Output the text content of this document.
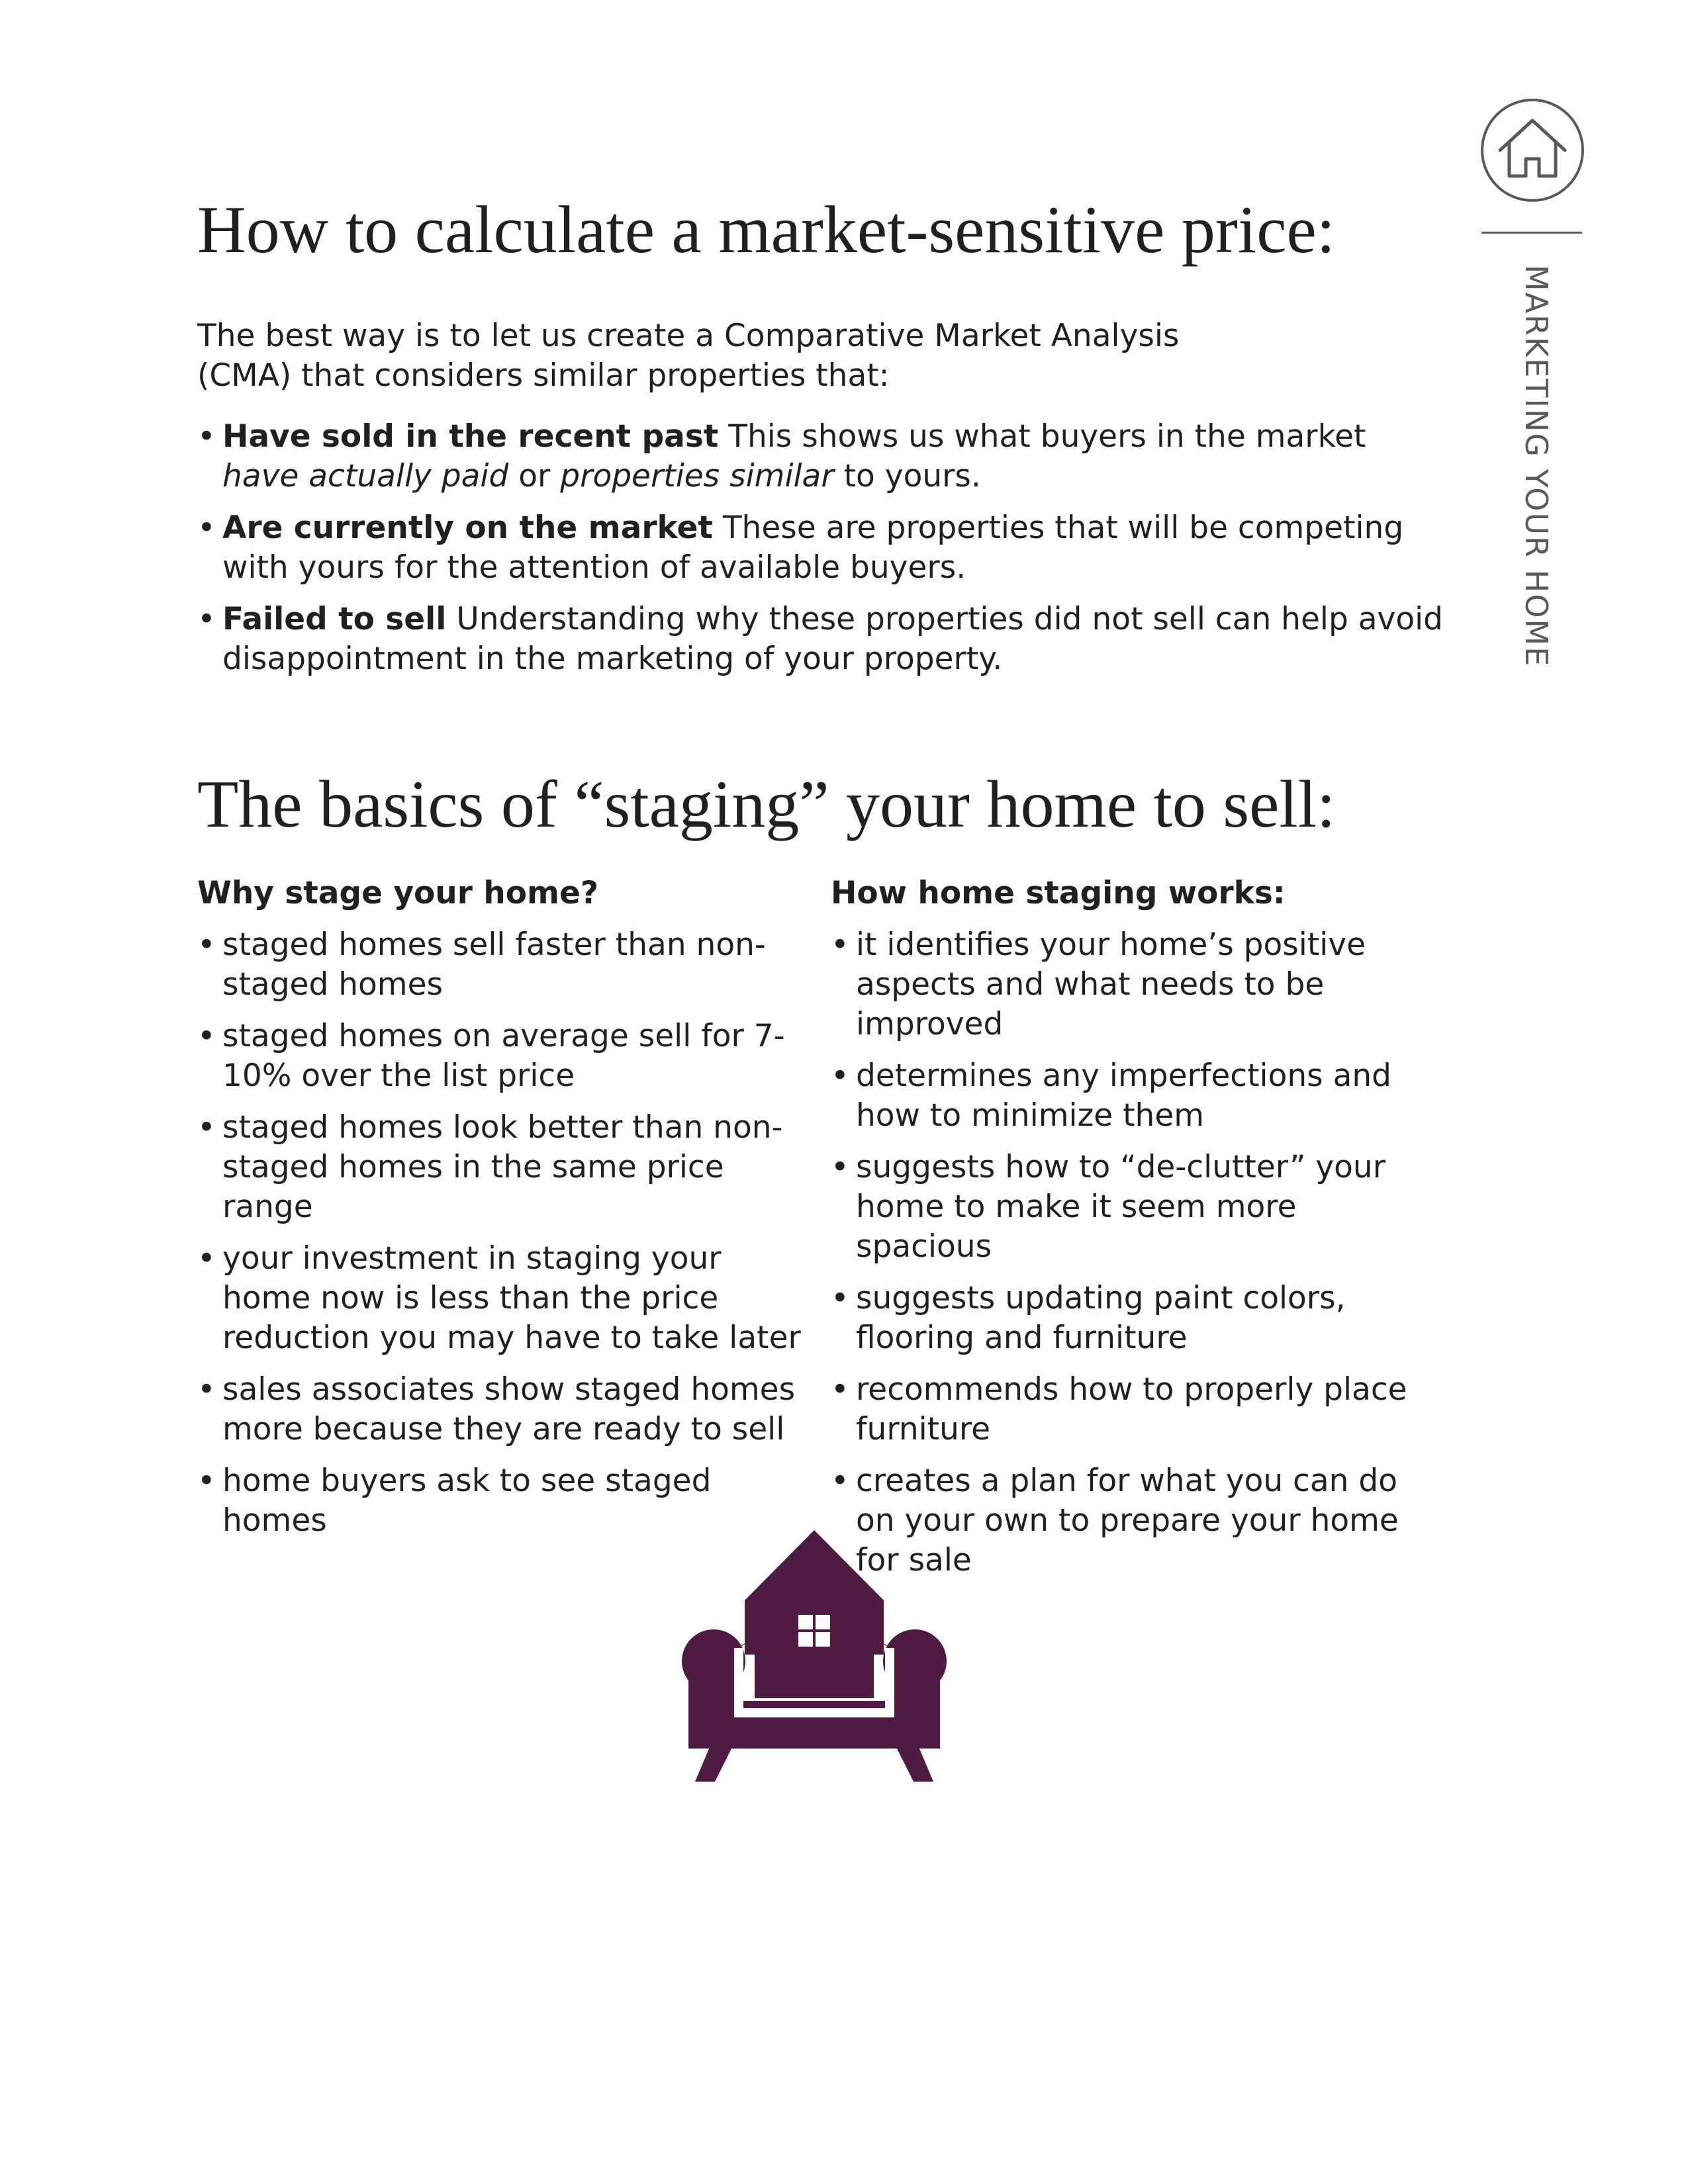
MARKETING YOUR HOME
How to calculate a market-sensitive price:

The best way is to let us create a Comparative Market Analysis

(CMA) that considers similar properties that:

• Have sold in the recent past This shows us what buyers in the market
have actually paid or properties similar to yours.
• Are currently on the market These are properties that will be competing with yours for the attention of available buyers.
• Failed to sell Understanding why these properties did not sell can help avoid disappointment in the marketing of your property.
The basics of “staging” your home to sell:

Why stage your home?

• staged homes sell faster than non-staged homes
• staged homes on average sell for 7-10% over the list price
• staged homes look better than non-staged homes in the same price range
• your investment in staging your home now is less than the price reduction you may have to take later
• sales associates show staged homes more because they are ready to sell
• home buyers ask to see staged homes

How home staging works:

• it identifies your home’s positive aspects and what needs to be improved
• determines any imperfections and how to minimize them
• suggests how to “de-clutter” your home to make it seem more spacious
• suggests updating paint colors, flooring and furniture
• recommends how to properly place furniture
• creates a plan for what you can do on your own to prepare your home for sale
